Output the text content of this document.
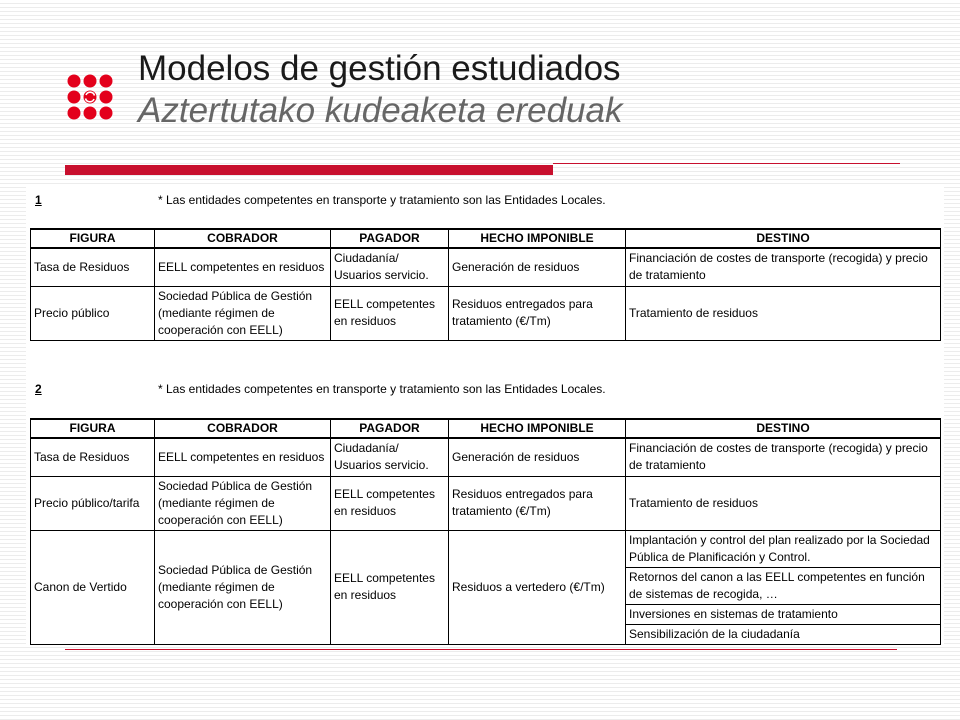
Modelos de gestión estudiados
Aztertutako kudeaketa ereduak
1	* Las entidades competentes en transporte y tratamiento son las Entidades Locales.
FIGURA	COBRADOR	PAGADOR	HECHO IMPONIBLE	DESTINO
Tasa de Residuos	EELL competentes en residuos	Ciudadanía/ Usuarios servicio.	Generación de residuos	Financiación de costes de transporte (recogida) y precio de tratamiento
Precio público	Sociedad Pública de Gestión (mediante régimen de cooperación con EELL)	EELL competentes en residuos	Residuos entregados para tratamiento (€/Tm)	Tratamiento de residuos
2	* Las entidades competentes en transporte y tratamiento son las Entidades Locales.
FIGURA	COBRADOR	PAGADOR	HECHO IMPONIBLE	DESTINO
Tasa de Residuos	EELL competentes en residuos	Ciudadanía/ Usuarios servicio.	Generación de residuos	Financiación de costes de transporte (recogida) y precio de tratamiento
Precio público/tarifa	Sociedad Pública de Gestión (mediante régimen de cooperación con EELL)	EELL competentes en residuos	Residuos entregados para tratamiento (€/Tm)	Tratamiento de residuos
Canon de Vertido	Sociedad Pública de Gestión (mediante régimen de cooperación con EELL)	EELL competentes en residuos	Residuos a vertedero (€/Tm)	Implantación y control del plan realizado por la Sociedad Pública de Planificación y Control.
Retornos del canon a las EELL competentes en función de sistemas de recogida, …
Inversiones en sistemas de tratamiento
Sensibilización de la ciudadanía
